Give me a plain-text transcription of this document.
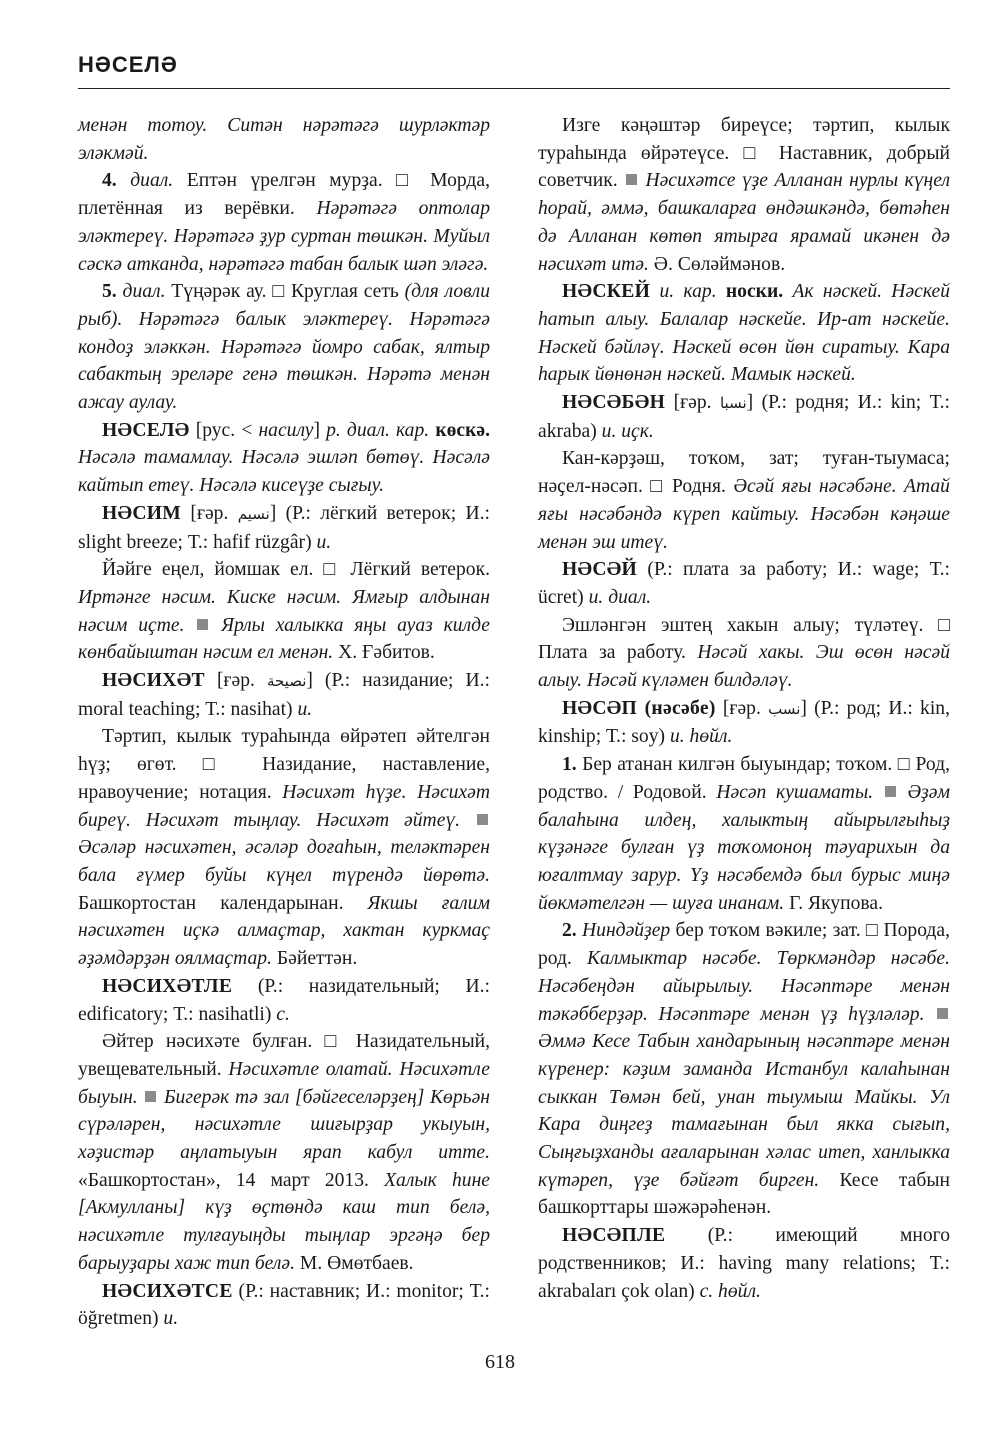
НӘСЕЛӘ

менән тотоу. Ситән нәрәтәгә шурләктәр эләкмәй.

4. диал. Ептән үрелгән мурҙа. □ Морда, плетённая из верёвки. Нәрәтәгә оптолар эләктереү. Нәрәтәгә ҙур суртан төшкән. Муйыл сәскә атканда, нәрәтәгә табан балык шәп эләгә.

5. диал. Түңәрәк ау. □ Круглая сеть (для ловли рыб). Нәрәтәгә балык эләктереү. Нәрәтәгә кондоҙ эләккән. Нәрәтәгә йомро сабак, ялтыр сабактың эреләре генә төшкән. Нәрәтә менән ажау аулау.

НӘСЕЛӘ [рус. < насилу] р. диал. кар. көскә. Нәсәлә тамамлау. Нәсәлә эшләп бөтөү. Нәсәлә кайтып етеү. Нәсәлә кисеүҙе сығыу.

НӘСИМ [ғәр. نسيم] (Р.: лёгкий ветерок; И.: slight breeze; Т.: hafif rüzgâr) и.

Йәйге еңел, йомшак ел. □ Лёгкий ветерок. Иртәнге нәсим. Киске нәсим. Ямғыр алдынан нәсим иҫте. Ярлы халыкка яңы ауаз килде көнбайыштан нәсим ел менән. Х. Ғәбитов.

НӘСИХӘТ [ғәр. نصيحة] (Р.: назидание; И.: moral teaching; Т.: nasihat) и.

Тәртип, кылык тураһында өйрәтеп әйтелгән һүҙ; өгөт. □ Назидание, наставление, нравоучение; нотация. Нәсихәт һүҙе. Нәсихәт биреү. Нәсихәт тыңлау. Нәсихәт әйтеү.  Әсәләр нәсихәтен, әсәләр доғаһын, теләктәрен бала ғүмер буйы күңел түрендә йөрөтә. Башкортостан календарынан. Якшы ғалим нәсихәтен иҫкә алмаҫтар, хактан куркмаҫ әҙәмдәрҙән оялмаҫтар. Бәйеттән.

НӘСИХӘТЛЕ (Р.: назидательный; И.: edificatory; Т.: nasihatli) с.

Әйтер нәсихәте булған. □ Назидательный, увещевательный. Нәсихәтле олатай. Нәсихәтле быуын. Бигерәк тә зал [бәйгеселәрҙең] Көрьән сүрәләрен, нәсихәтле шиғырҙар укыуын, хәҙистәр аңлатыуын ярап кабул итте. «Башкортостан», 14 март 2013. Халык һине [Акмулланы] күҙ өҫтөндә каш тип белә, нәсихәтле тулғауыңды тыңлар эргәңә бер барыуҙары хаж тип белә. М. Өмөтбаев.

НӘСИХӘТСЕ (Р.: наставник; И.: monitor; Т.: öğretmen) и.

Изге кәңәштәр биреүсе; тәртип, кылык тураһында өйрәтеүсе. □ Наставник, добрый советчик.  Нәсихәтсе үҙе Алланан нурлы күңел һорай, әммә, башкаларға өндәшкәндә, бөтәһен дә Алланан көтөп ятырға ярамай икәнен дә нәсихәт итә. Ә. Сөләймәнов.

НӘСКЕЙ и. кар. носки. Ак нәскей. Нәскей һатып алыу. Балалар нәскейе. Ир-ат нәскейе. Нәскей бәйләү. Нәскей өсөн йөн сиратыу. Кара һарык йөнөнән нәскей. Мамык нәскей.

НӘСӘБӘН [ғәр. نسبا] (Р.: родня; И.: kin; Т.: akraba) и. иҫк.

Кан-кәрҙәш, тоҡом, зат; туған-тыумаса; нәҫел-нәсәп. □ Родня. Әсәй яғы нәсәбәне. Атай яғы нәсәбәндә күреп кайтыу. Нәсәбән кәңәше менән эш итеү.

НӘСӘЙ (Р.: плата за работу; И.: wage; Т.: ücret) и. диал.

Эшләнгән эштең хакын алыу; түләтеү. □ Плата за работу. Нәсәй хакы. Эш өсөн нәсәй алыу. Нәсәй күләмен билдәләү.

НӘСӘП (нәсәбе) [ғәр. نسب] (Р.: род; И.: kin, kinship; Т.: soy) и. һөйл.

1. Бер атанан килгән быуындар; тоҡом. □ Род, родство. / Родовой. Нәсәп кушаматы. Әҙәм балаһына илдең, халыктың айырылғыһыҙ күҙәнәге булған үҙ тоҡомоноң тәуарихын да юғалтмау зарур. Үҙ нәсәбемдә был бурыс миңә йөкмәтелгән — шуға инанам. Г. Якупова.

2. Ниндәйҙер бер тоҡом вәкиле; зат. □ Порода, род. Калмыктар нәсәбе. Төркмәндәр нәсәбе. Нәсәбеңдән айырылыу. Нәсәптәре менән тәкәбберҙәр. Нәсәптәре менән үҙ һүҙләләр.  Әммә Кесе Табын хандарының нәсәптәре менән күренер: кәҙим заманда Истанбул калаһынан сыккан Төмән бей, унан тыумыш Майкы. Ул Кара диңгеҙ тамағынан был якка сығып, Сыңғыҙханды ағаларынан хәлас итеп, ханлыкка күтәреп, үҙе бәйғәт бирген. Кесе табын башкорттары шәжәрәһенән.

НӘСӘПЛЕ (Р.: имеющий много родственников; И.: having many relations; Т.: akrabaları çok olan) с. һөйл.

618
